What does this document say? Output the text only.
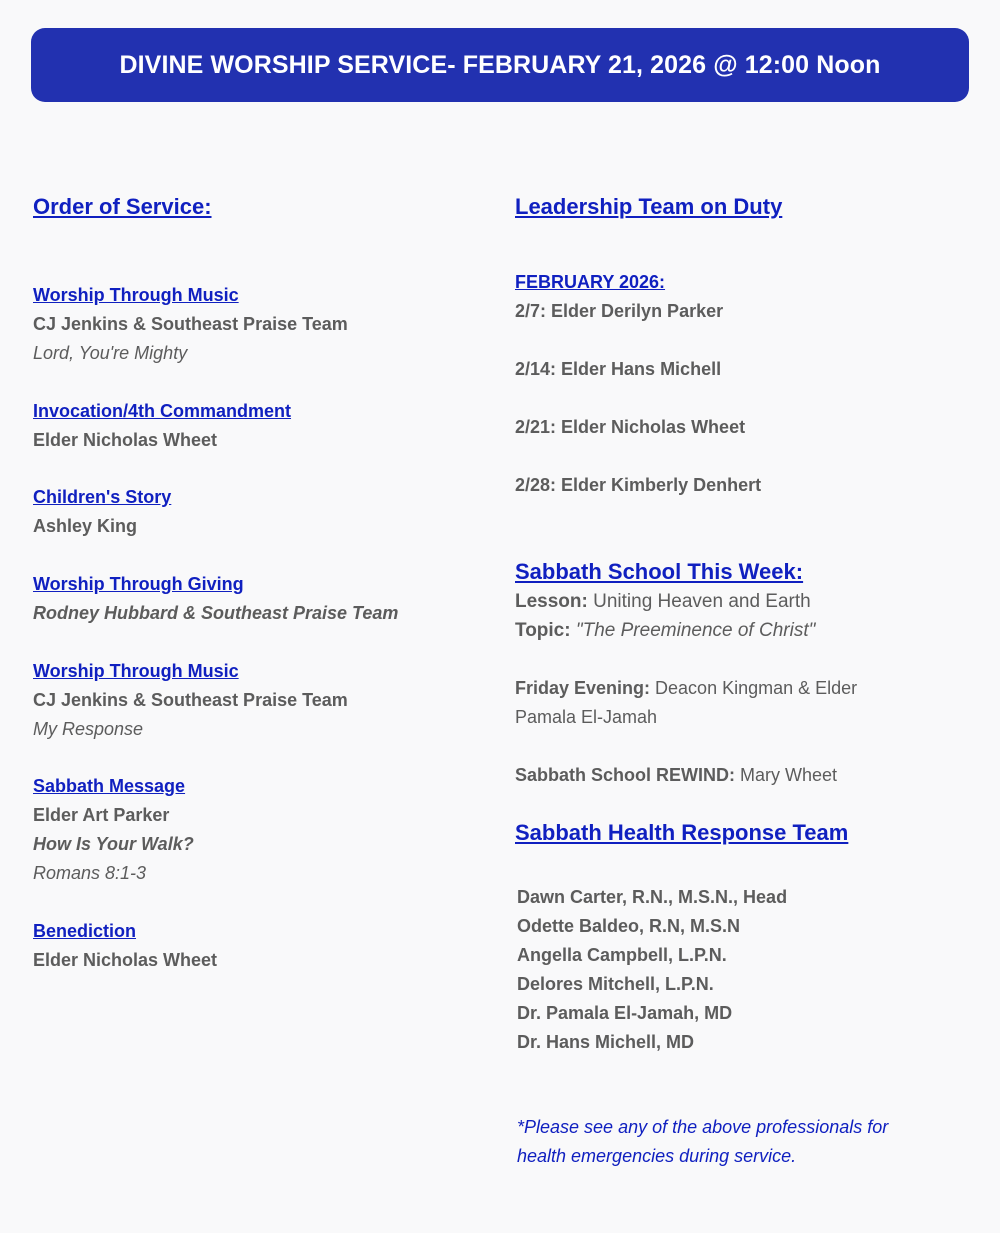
DIVINE WORSHIP SERVICE- FEBRUARY 21, 2026 @ 12:00 Noon
Order of Service:
Worship Through Music
CJ Jenkins & Southeast Praise Team
Lord, You're Mighty
Invocation/4th Commandment
Elder Nicholas Wheet
Children's Story
Ashley King
Worship Through Giving
Rodney Hubbard & Southeast Praise Team
Worship Through Music
CJ Jenkins & Southeast Praise Team
My Response
Sabbath Message
Elder Art Parker
How Is Your Walk?
Romans 8:1-3
Benediction
Elder Nicholas Wheet
Leadership Team on Duty
FEBRUARY 2026:
2/7: Elder Derilyn Parker
2/14: Elder Hans Michell
2/21: Elder Nicholas Wheet
2/28: Elder Kimberly Denhert
Sabbath School This Week:
Lesson: Uniting Heaven and Earth
Topic: "The Preeminence of Christ"
Friday Evening: Deacon Kingman & Elder
Pamala El-Jamah
Sabbath School REWIND: Mary Wheet
Sabbath Health Response Team
Dawn Carter, R.N., M.S.N., Head
Odette Baldeo, R.N, M.S.N
Angella Campbell, L.P.N.
Delores Mitchell, L.P.N.
Dr. Pamala El-Jamah, MD
Dr. Hans Michell, MD
*Please see any of the above professionals for health emergencies during service.
